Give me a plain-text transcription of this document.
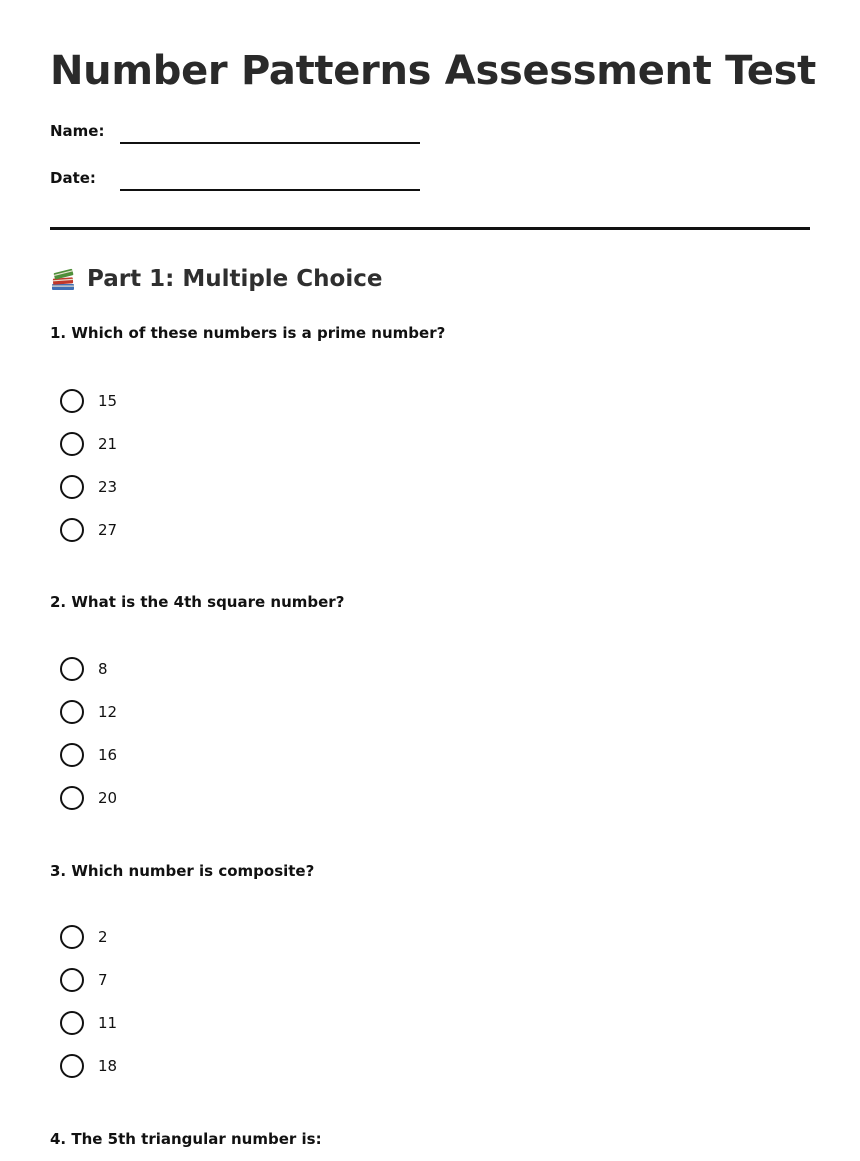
Number Patterns Assessment Test
Name:
Date:
Part 1: Multiple Choice
1. Which of these numbers is a prime number?
15
21
23
27
2. What is the 4th square number?
8
12
16
20
3. Which number is composite?
2
7
11
18
4. The 5th triangular number is:
